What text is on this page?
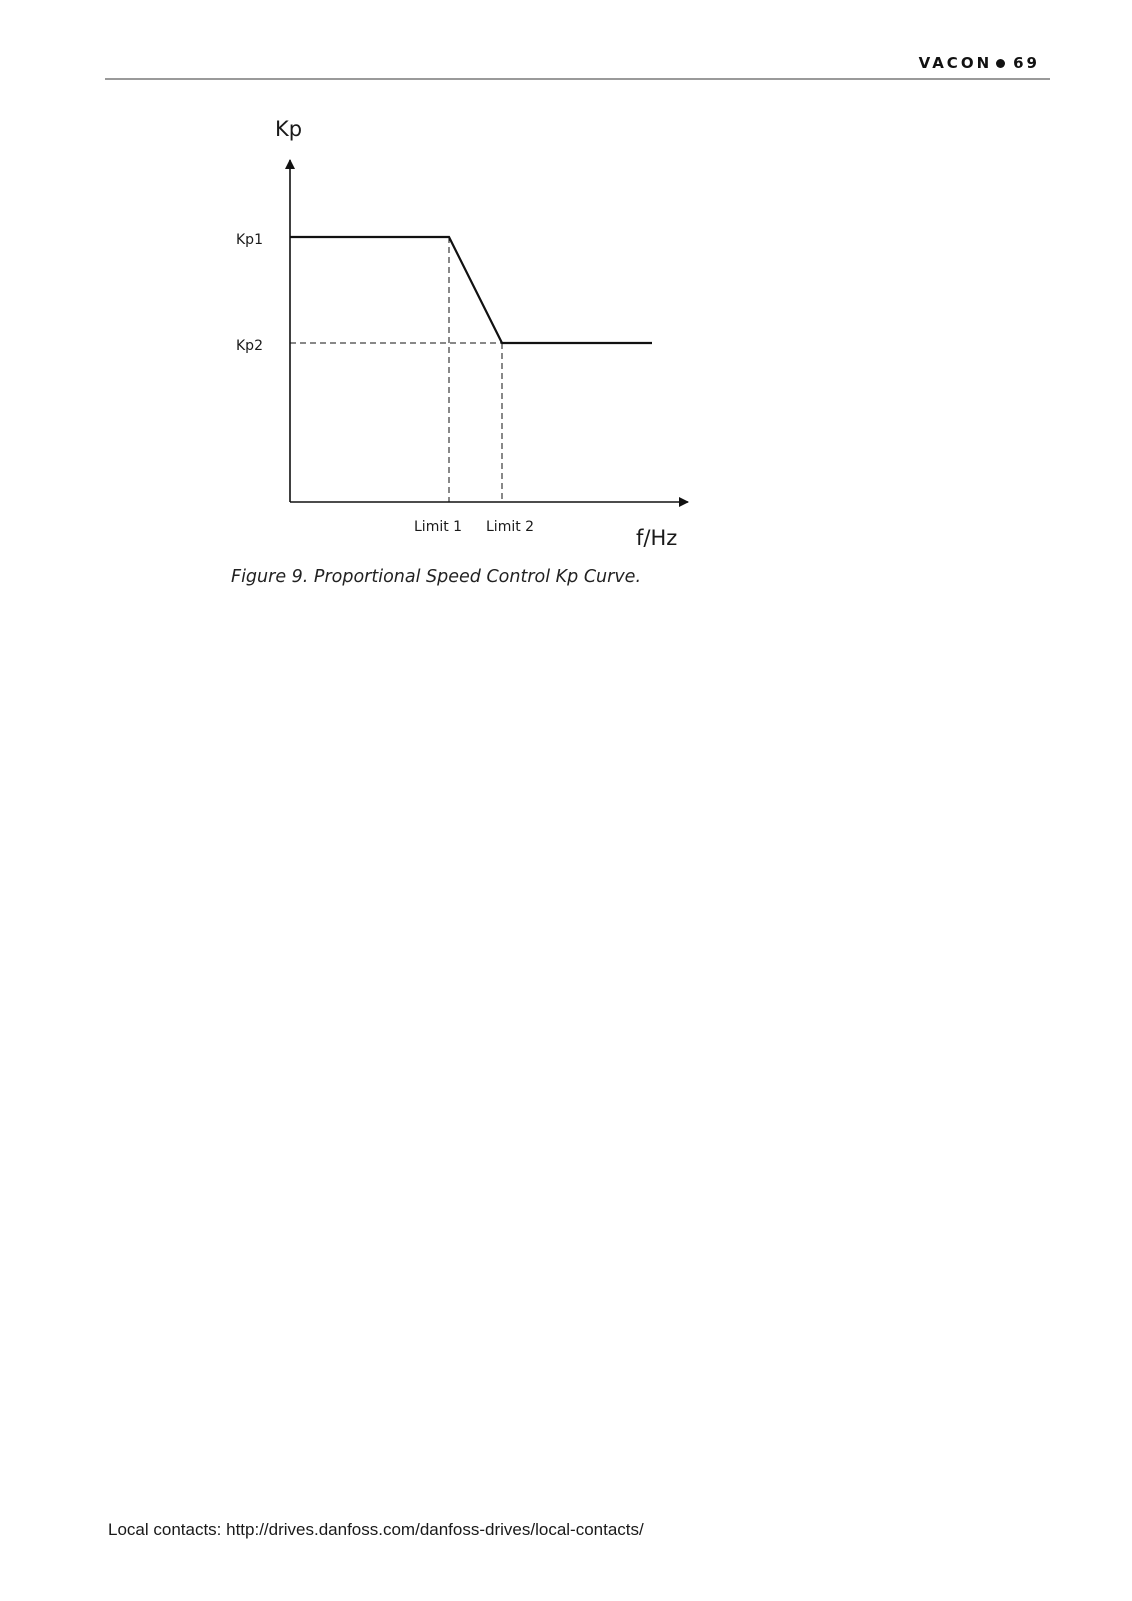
VACON 69
Kp
f/Hz
Kp1
Kp2
Limit 1 Limit 2
Figure 9. Proportional Speed Control Kp Curve.
Local contacts: http://drives.danfoss.com/danfoss-drives/local-contacts/
